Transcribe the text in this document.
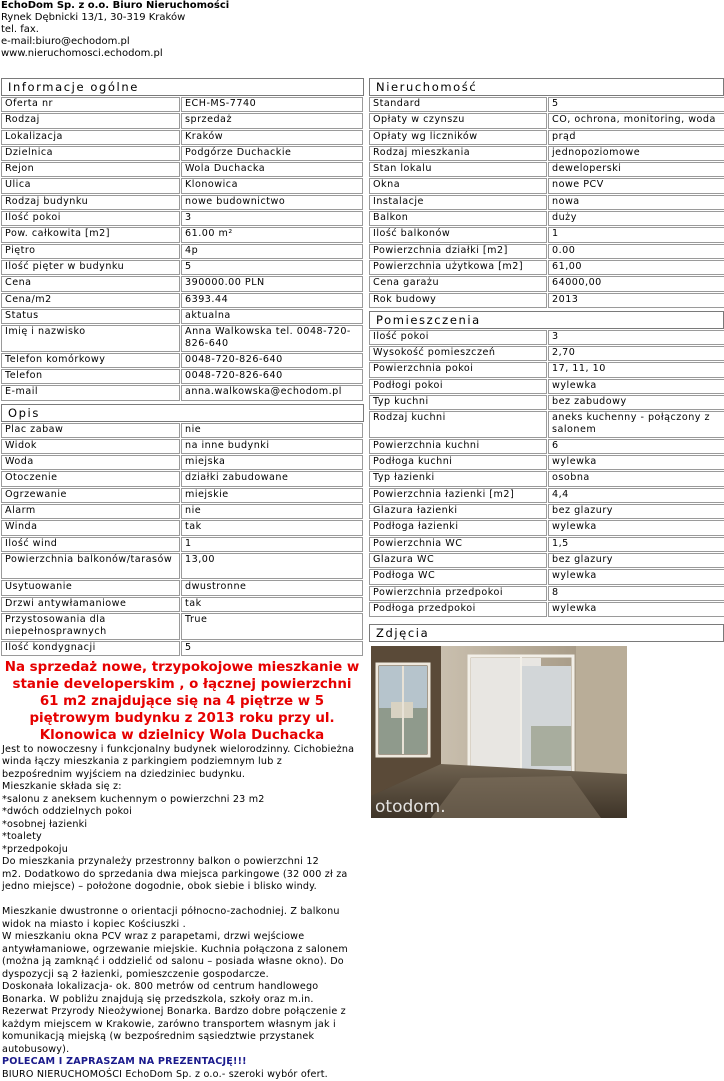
EchoDom Sp. z o.o. Biuro Nieruchomości
Rynek Dębnicki 13/1, 30-319 Kraków
tel. fax.
e-mail:biuro@echodom.pl
www.nieruchomosci.echodom.pl
Informacje ogólne
Oferta nr	ECH-MS-7740
Rodzaj	sprzedaż
Lokalizacja	Kraków
Dzielnica	Podgórze Duchackie
Rejon	Wola Duchacka
Ulica	Klonowica
Rodzaj budynku	nowe budownictwo
Ilość pokoi	3
Pow. całkowita [m2]	61.00 m²
Piętro	4p
Ilość pięter w budynku	5
Cena	390000.00 PLN
Cena/m2	6393.44
Status	aktualna
Imię i nazwisko	Anna Walkowska tel. 0048-720-826-640
Telefon komórkowy	0048-720-826-640
Telefon	0048-720-826-640
E-mail	anna.walkowska@echodom.pl
Opis
Plac zabaw	nie
Widok	na inne budynki
Woda	miejska
Otoczenie	działki zabudowane
Ogrzewanie	miejskie
Alarm	nie
Winda	tak
Ilość wind	1
Powierzchnia balkonów/tarasów	13,00
Usytuowanie	dwustronne
Drzwi antywłamaniowe	tak
Przystosowania dla niepełnosprawnych	True
Ilość kondygnacji	5
Na sprzedaż nowe, trzypokojowe mieszkanie w stanie developerskim , o łącznej powierzchni 61 m2 znajdujące się na 4 piętrze w 5 piętrowym budynku z 2013 roku przy ul. Klonowica w dzielnicy Wola Duchacka
Jest to nowoczesny i funkcjonalny budynek wielorodzinny. Cichobieżna
winda łączy mieszkania z parkingiem podziemnym lub z
bezpośrednim wyjściem na dziedziniec budynku.
Mieszkanie składa się z:
*salonu z aneksem kuchennym o powierzchni 23 m2
*dwóch oddzielnych pokoi
*osobnej łazienki
*toalety
*przedpokoju
Do mieszkania przynależy przestronny balkon o powierzchni 12
m2. Dodatkowo do sprzedania dwa miejsca parkingowe (32 000 zł za
jedno miejsce) – położone dogodnie, obok siebie i blisko windy.

Mieszkanie dwustronne o orientacji północno-zachodniej. Z balkonu
widok na miasto i kopiec Kościuszki .
W mieszkaniu okna PCV wraz z parapetami, drzwi wejściowe
antywłamaniowe, ogrzewanie miejskie. Kuchnia połączona z salonem
(można ją zamknąć i oddzielić od salonu – posiada własne okno). Do
dyspozycji są 2 łazienki, pomieszczenie gospodarcze.
Doskonała lokalizacja- ok. 800 metrów od centrum handlowego
Bonarka. W pobliżu znajdują się przedszkola, szkoły oraz m.in.
Rezerwat Przyrody Nieożywionej Bonarka. Bardzo dobre połączenie z
każdym miejscem w Krakowie, zarówno transportem własnym jak i
komunikacją miejską (w bezpośrednim sąsiedztwie przystanek
autobusowy).
POLECAM I ZAPRASZAM NA PREZENTACJĘ!!!
BIURO NIERUCHOMOŚCI EchoDom Sp. z o.o.- szeroki wybór ofert.
Nieruchomość
Standard	5
Opłaty w czynszu	CO, ochrona, monitoring, woda
Opłaty wg liczników	prąd
Rodzaj mieszkania	jednopoziomowe
Stan lokalu	deweloperski
Okna	nowe PCV
Instalacje	nowa
Balkon	duży
Ilość balkonów	1
Powierzchnia działki [m2]	0.00
Powierzchnia użytkowa [m2]	61,00
Cena garażu	64000,00
Rok budowy	2013
Pomieszczenia
Ilość pokoi	3
Wysokość pomieszczeń	2,70
Powierzchnia pokoi	17, 11, 10
Podłogi pokoi	wylewka
Typ kuchni	bez zabudowy
Rodzaj kuchni	aneks kuchenny - połączony z salonem
Powierzchnia kuchni	6
Podłoga kuchni	wylewka
Typ łazienki	osobna
Powierzchnia łazienki [m2]	4,4
Glazura łazienki	bez glazury
Podłoga łazienki	wylewka
Powierzchnia WC	1,5
Glazura WC	bez glazury
Podłoga WC	wylewka
Powierzchnia przedpokoi	8
Podłoga przedpokoi	wylewka
Zdjęcia
otodom.
